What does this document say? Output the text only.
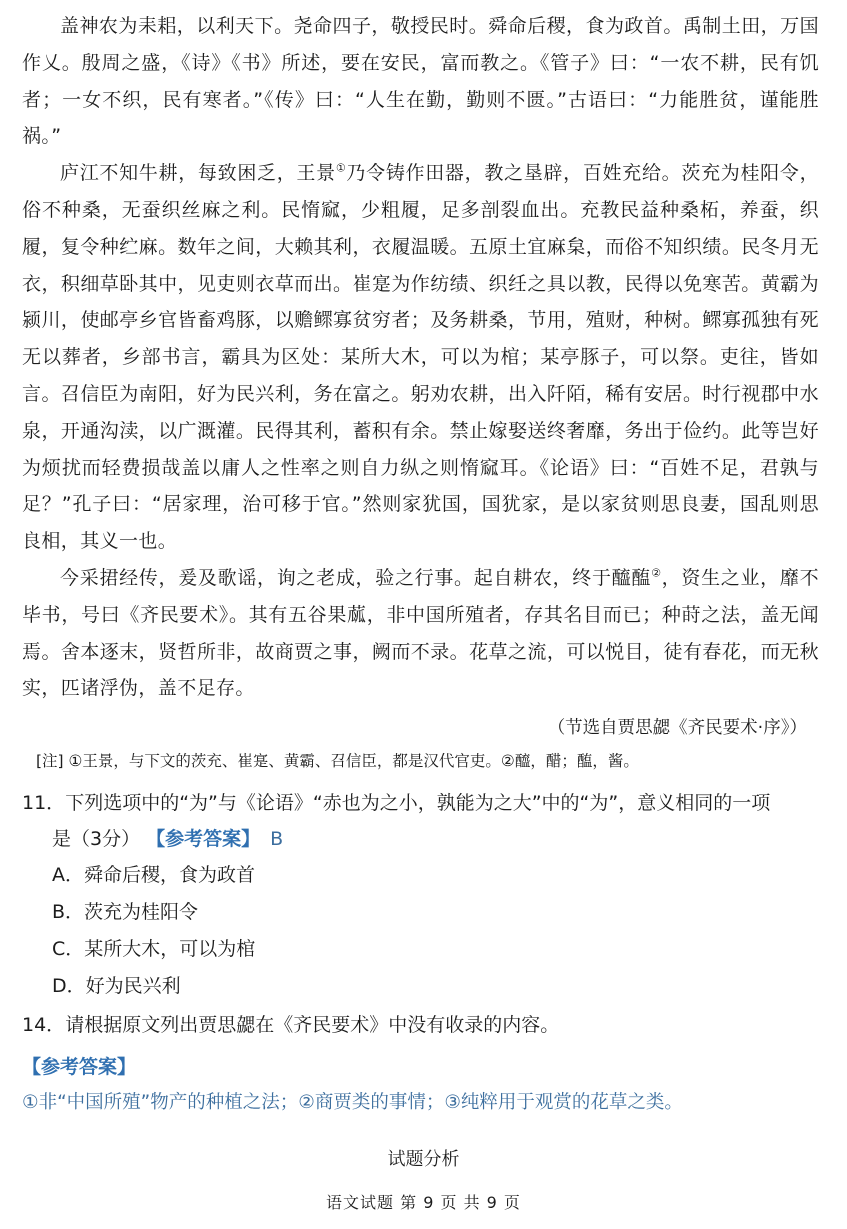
盖神农为耒耜，以利天下。尧命四子，敬授民时。舜命后稷，食为政首。禹制土田，万国作乂。殷周之盛，《诗》《书》所述，要在安民，富而教之。《管子》曰：“一农不耕，民有饥者；一女不织，民有寒者。”《传》曰：“人生在勤，勤则不匮。”古语曰：“力能胜贫，谨能胜祸。”

庐江不知牛耕，每致困乏，王景①乃令铸作田器，教之垦辟，百姓充给。茨充为桂阳令，俗不种桑，无蚕织丝麻之利。民惰窳，少粗履，足多剖裂血出。充教民益种桑柘，养蚕，织履，复令种纻麻。数年之间，大赖其利，衣履温暖。五原土宜麻枲，而俗不知织绩。民冬月无衣，积细草卧其中，见吏则衣草而出。崔寔为作纺绩、织纴之具以教，民得以免寒苦。黄霸为颍川，使邮亭乡官皆畜鸡豚，以赡鳏寡贫穷者；及务耕桑，节用，殖财，种树。鳏寡孤独有死无以葬者，乡部书言，霸具为区处：某所大木，可以为棺；某亭豚子，可以祭。吏往，皆如言。召信臣为南阳，好为民兴利，务在富之。躬劝农耕，出入阡陌，稀有安居。时行视郡中水泉，开通沟渎，以广溉灌。民得其利，蓄积有余。禁止嫁娶送终奢靡，务出于俭约。此等岂好为烦扰而轻费损哉盖以庸人之性率之则自力纵之则惰窳耳。《论语》曰：“百姓不足，君孰与足？”孔子曰：“居家理，治可移于官。”然则家犹国，国犹家，是以家贫则思良妻，国乱则思良相，其义一也。

今采捃经传，爰及歌谣，询之老成，验之行事。起自耕农，终于醯醢②，资生之业，靡不毕书，号曰《齐民要术》。其有五谷果蓏，非中国所殖者，存其名目而已；种莳之法，盖无闻焉。舍本逐末，贤哲所非，故商贾之事，阙而不录。花草之流，可以悦目，徒有春花，而无秋实，匹诸浮伪，盖不足存。

（节选自贾思勰《齐民要术·序》）

[注] ①王景，与下文的茨充、崔寔、黄霸、召信臣，都是汉代官吏。②醯，醋；醢，酱。

11．下列选项中的“为”与《论语》“赤也为之小，孰能为之大”中的“为”，意义相同的一项

是（3分） 【参考答案】 B

A．舜命后稷，食为政首
B．茨充为桂阳令
C．某所大木，可以为棺
D．好为民兴利

14．请根据原文列出贾思勰在《齐民要术》中没有收录的内容。

【参考答案】

①非“中国所殖”物产的种植之法；②商贾类的事情；③纯粹用于观赏的花草之类。

试题分析
语文试题 第 9 页 共 9 页
